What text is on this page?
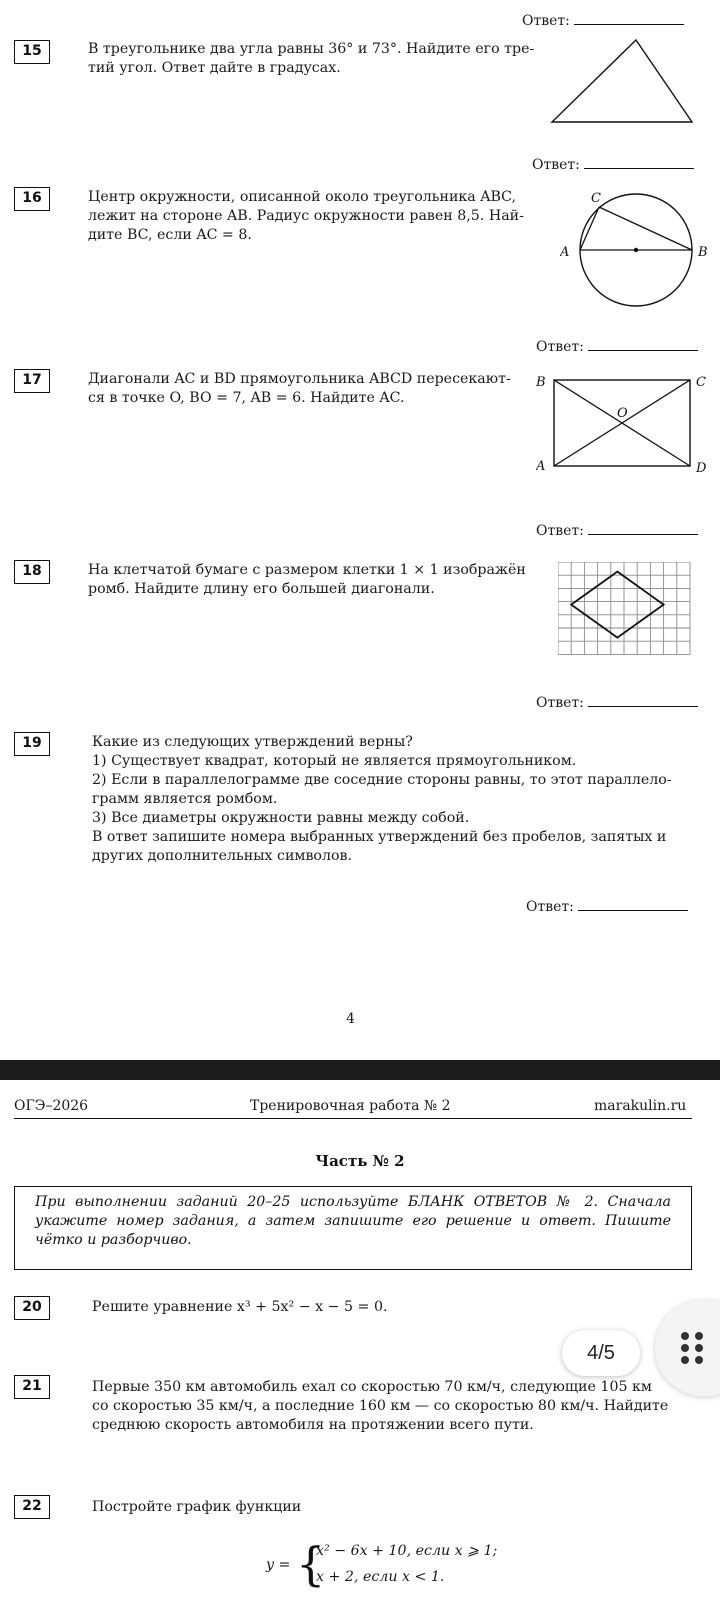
Ответ:
15	В треугольнике два угла равны 36° и 73°. Найдите его тре-
тий угол. Ответ дайте в градусах.
Ответ:
16	Центр окружности, описанной около треугольника ABC,
лежит на стороне AB. Радиус окружности равен 8,5. Най-
дите BC, если AC = 8.
C
A	B
Ответ:
17	Диагонали AC и BD прямоугольника ABCD пересекают-
ся в точке O, BO = 7, AB = 6. Найдите AC.
B	C
O
A	D
Ответ:
18	На клетчатой бумаге с размером клетки 1 × 1 изображён
ромб. Найдите длину его большей диагонали.
Ответ:
19	Какие из следующих утверждений верны?
1) Существует квадрат, который не является прямоугольником.
2) Если в параллелограмме две соседние стороны равны, то этот параллело-
грамм является ромбом.
3) Все диаметры окружности равны между собой.
В ответ запишите номера выбранных утверждений без пробелов, запятых и
других дополнительных символов.
Ответ:
4
ОГЭ–2026	Тренировочная работа № 2	marakulin.ru
Часть № 2
При выполнении заданий 20–25 используйте БЛАНК ОТВЕТОВ № 2. Сначала укажите номер задания, а затем запишите его решение и ответ. Пишите чётко и разборчиво.
20	Решите уравнение x³ + 5x² − x − 5 = 0.
21	Первые 350 км автомобиль ехал со скоростью 70 км/ч, следующие 105 км
со скоростью 35 км/ч, а последние 160 км — со скоростью 80 км/ч. Найдите
среднюю скорость автомобиля на протяжении всего пути.
22	Постройте график функции
y = {
x² − 6x + 10, если x ⩾ 1;
x + 2, если x < 1.
4/5
